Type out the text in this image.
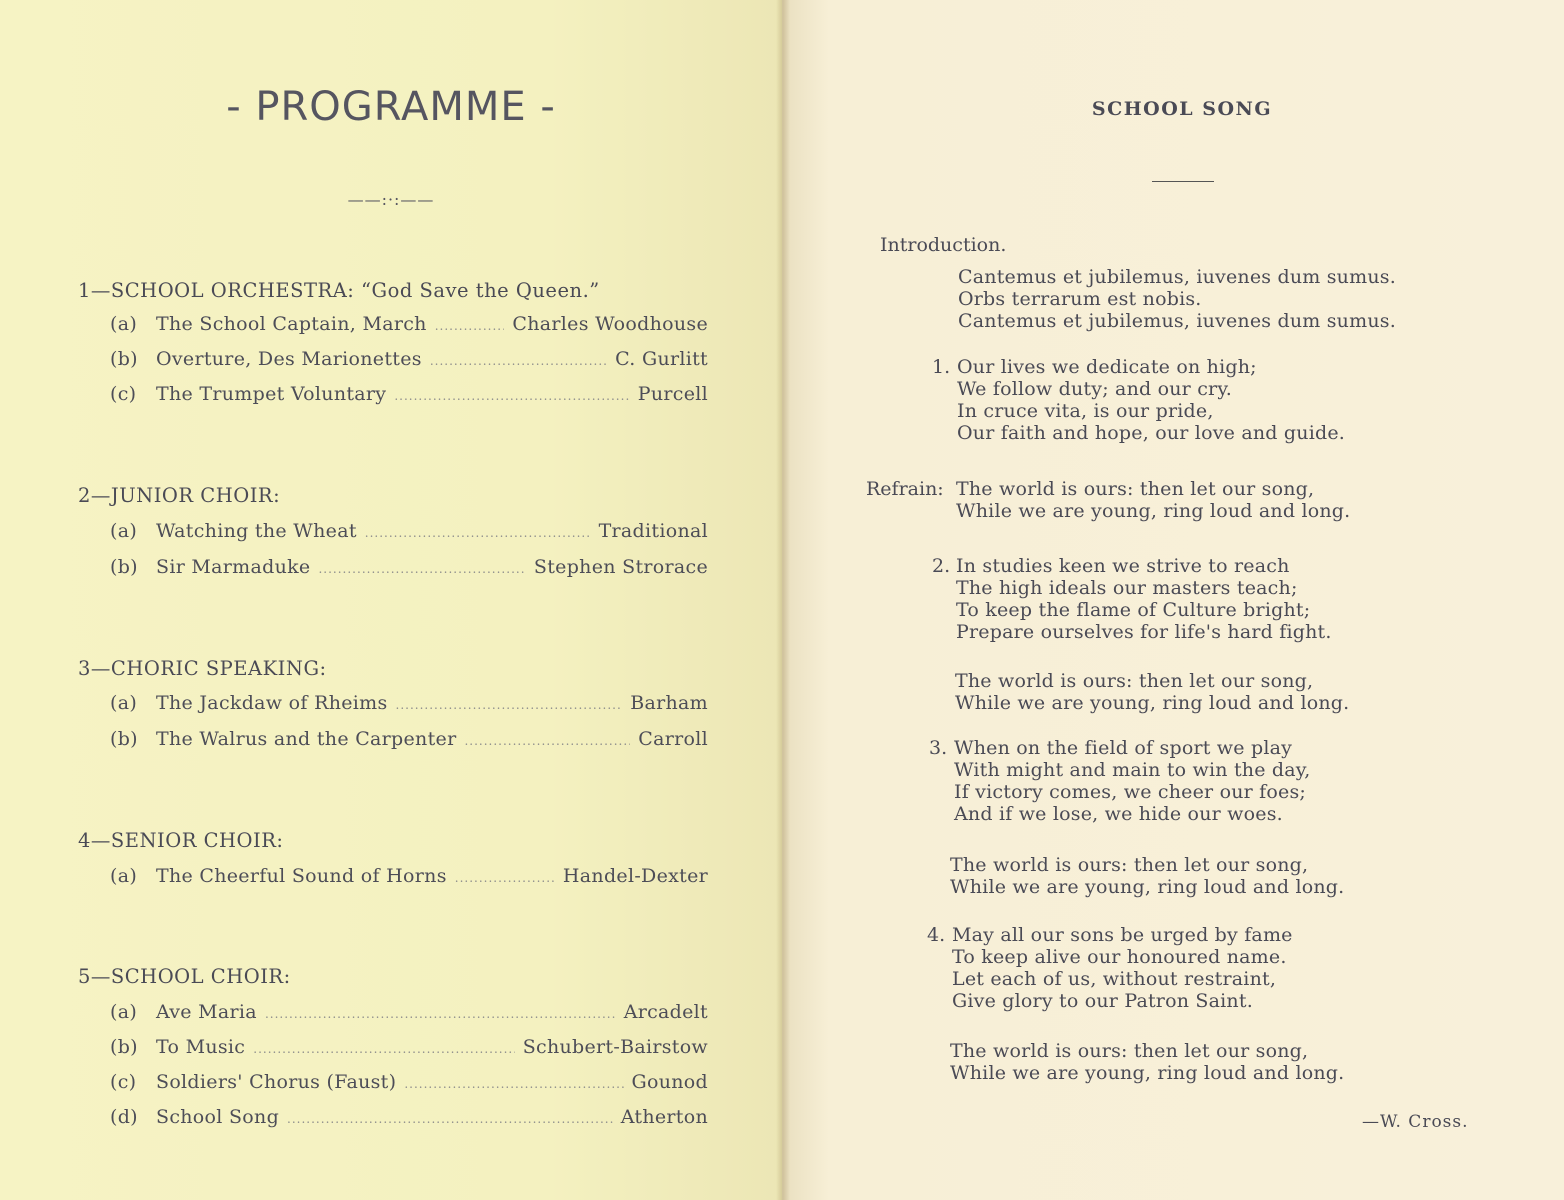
- PROGRAMME -
——:·:——
1—SCHOOL ORCHESTRA: “God Save the Queen.”
(a) The School Captain, March .....	Charles Woodhouse
(b) Overture, Des Marionettes .....	C. Gurlitt
(c)	The Trumpet Voluntary .....	Purcell
2—JUNIOR CHOIR:
(a) Watching the Wheat .....	Traditional
(b) Sir Marmaduke .....	Stephen Strorace
3—CHORIC SPEAKING:
(a) The Jackdaw of Rheims .....	Barham
(b) The Walrus and the Carpenter .....	Carroll
4—SENIOR CHOIR:
(a) The Cheerful Sound of Horns .....	Handel-Dexter
5—SCHOOL CHOIR:
(a) Ave Maria .....	Arcadelt
(b) To Music .....	Schubert-Bairstow
(c)	Soldiers' Chorus (Faust) .....	Gounod
(d) School Song .....	Atherton
SCHOOL SONG
Introduction.
Cantemus et jubilemus, iuvenes dum sumus.
Orbs terrarum est nobis.
Cantemus et jubilemus, iuvenes dum sumus.
1. Our lives we dedicate on high;
We follow duty; and our cry.
In cruce vita, is our pride,
Our faith and hope, our love and guide.
Refrain: The world is ours: then let our song,
While we are young, ring loud and long.
2. In studies keen we strive to reach
The high ideals our masters teach;
To keep the flame of Culture bright;
Prepare ourselves for life's hard fight.
The world is ours: then let our song,
While we are young, ring loud and long.
3. When on the field of sport we play
With might and main to win the day,
If victory comes, we cheer our foes;
And if we lose, we hide our woes.
The world is ours: then let our song,
While we are young, ring loud and long.
4. May all our sons be urged by fame
To keep alive our honoured name.
Let each of us, without restraint,
Give glory to our Patron Saint.
The world is ours: then let our song,
While we are young, ring loud and long.
—W. Cross.
